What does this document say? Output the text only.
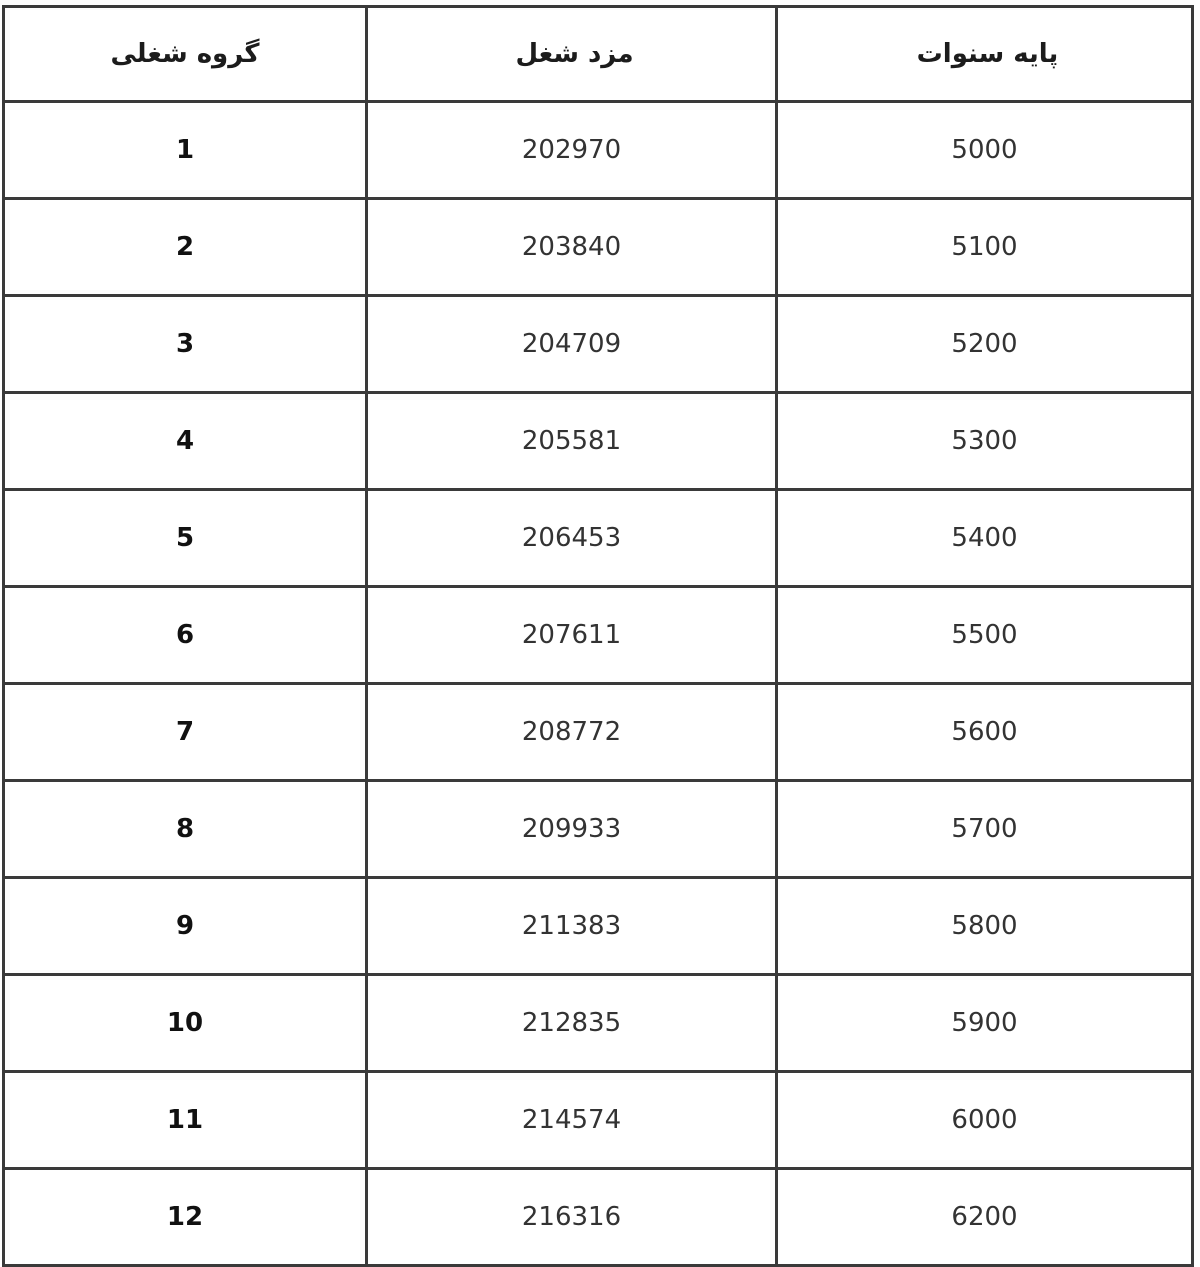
گروه شغلی	مزد شغل	پایه سنوات
1	202970	5000
2	203840	5100
3	204709	5200
4	205581	5300
5	206453	5400
6	207611	5500
7	208772	5600
8	209933	5700
9	211383	5800
10	212835	5900
11	214574	6000
12	216316	6200
